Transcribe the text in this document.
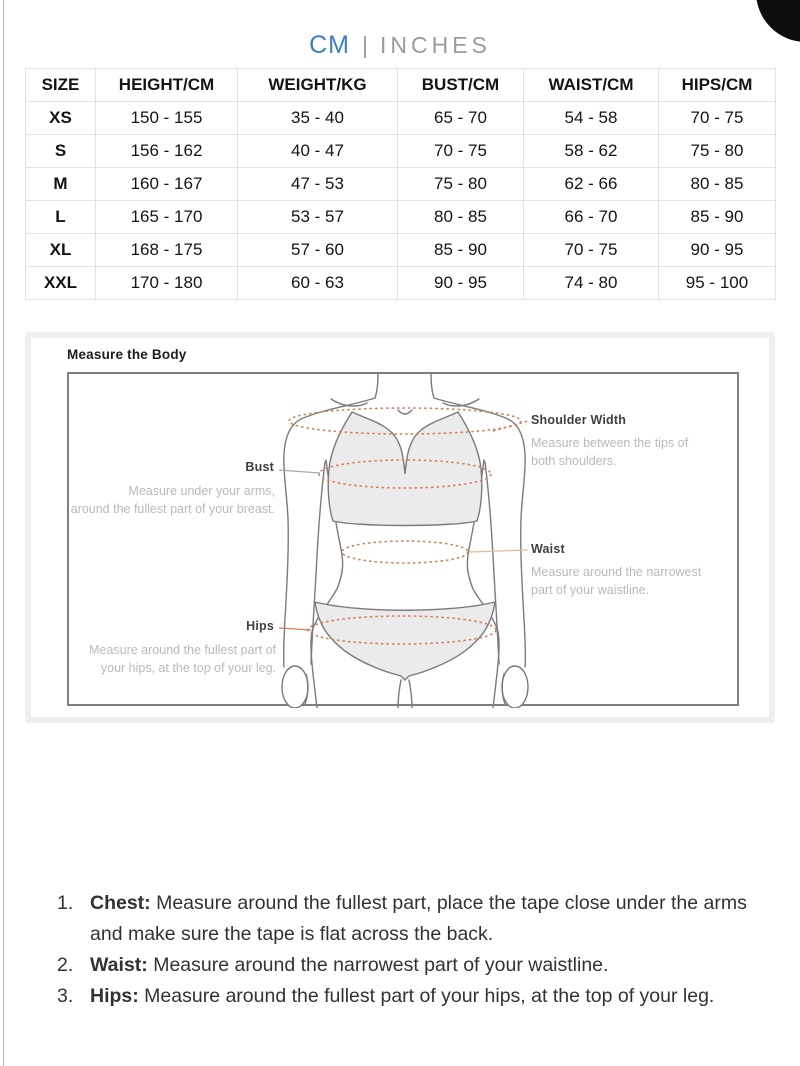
CM | INCHES
SIZE	HEIGHT/CM	WEIGHT/KG	BUST/CM	WAIST/CM	HIPS/CM
XS	150 - 155	35 - 40	65 - 70	54 - 58	70 - 75
S	156 - 162	40 - 47	70 - 75	58 - 62	75 - 80
M	160 - 167	47 - 53	75 - 80	62 - 66	80 - 85
L	165 - 170	53 - 57	80 - 85	66 - 70	85 - 90
XL	168 - 175	57 - 60	85 - 90	70 - 75	90 - 95
XXL	170 - 180	60 - 63	90 - 95	74 - 80	95 - 100
Measure the Body
Shoulder Width
Measure between the tips of
both shoulders.
Bust
Measure under your arms,
around the fullest part of your breast.
Waist
Measure around the narrowest
part of your waistline.
Hips
Measure around the fullest part of
your hips, at the top of your leg.
1. Chest: Measure around the fullest part, place the tape close under the arms and make sure the tape is flat across the back.
2. Waist: Measure around the narrowest part of your waistline.
3. Hips: Measure around the fullest part of your hips, at the top of your leg.
